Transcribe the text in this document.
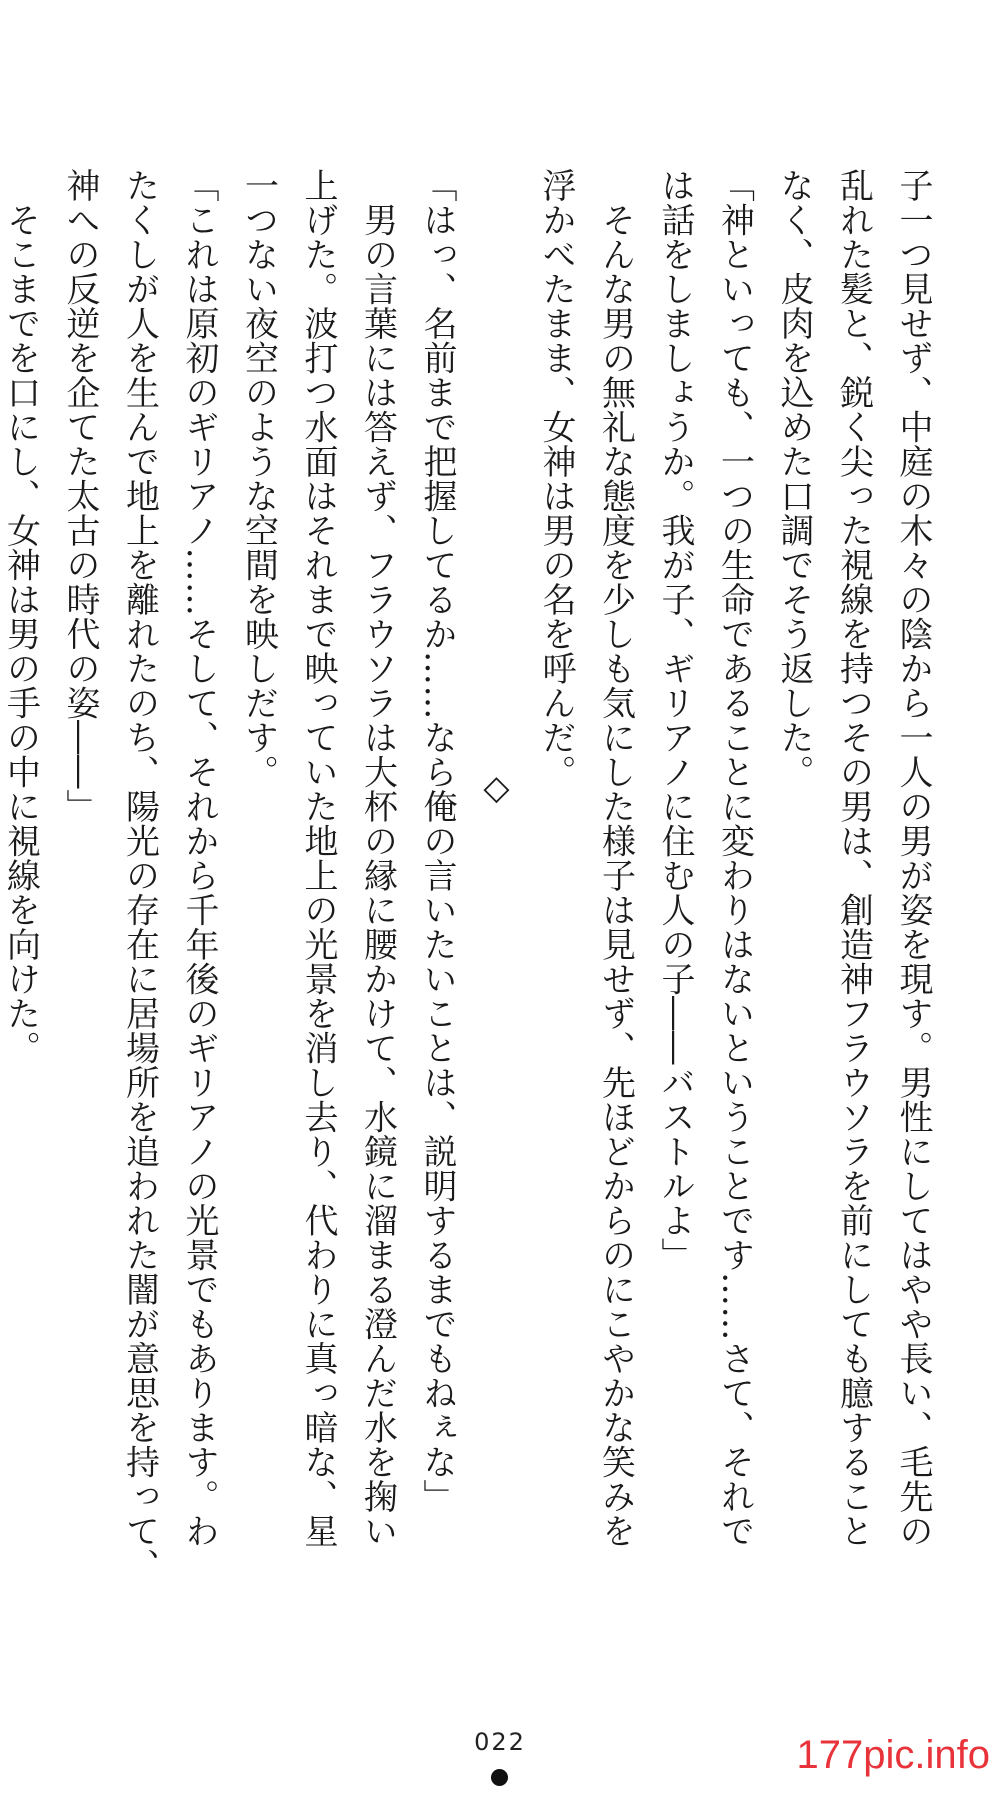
子一つ見せず、中庭の木々の陰から一人の男が姿を現す。男性にしてはやや長い、毛先の
乱れた髪と、鋭く尖った視線を持つその男は、創造神フラウソラを前にしても臆すること
なく、皮肉を込めた口調でそう返した。
「神といっても、一つの生命であることに変わりはないということです……さて、それで
は話をしましょうか。我が子、ギリアノに住む人の子――バストルよ」
　そんな男の無礼な態度を少しも気にした様子は見せず、先ほどからのにこやかな笑みを
浮かべたまま、女神は男の名を呼んだ。
◇
「はっ、名前まで把握してるか……なら俺の言いたいことは、説明するまでもねぇな」
　男の言葉には答えず、フラウソラは大杯の縁に腰かけて、水鏡に溜まる澄んだ水を掬い
上げた。波打つ水面はそれまで映っていた地上の光景を消し去り、代わりに真っ暗な、星
一つない夜空のような空間を映しだす。
「これは原初のギリアノ……そして、それから千年後のギリアノの光景でもあります。わ
たくしが人を生んで地上を離れたのち、陽光の存在に居場所を追われた闇が意思を持って、
神への反逆を企てた太古の時代の姿――」
　そこまでを口にし、女神は男の手の中に視線を向けた。
022	177pic.info
